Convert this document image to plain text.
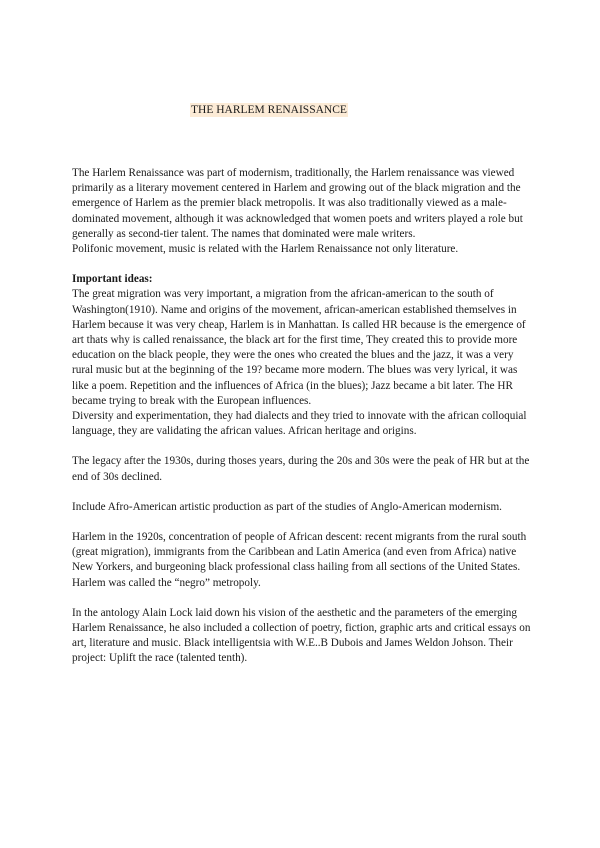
THE HARLEM RENAISSANCE

The Harlem Renaissance was part of modernism, traditionally, the Harlem renaissance was viewed primarily as a literary movement centered in Harlem and growing out of the black migration and the emergence of Harlem as the premier black metropolis. It was also traditionally viewed as a male-dominated movement, although it was acknowledged that women poets and writers played a role but generally as second-tier talent. The names that dominated were male writers.

Polifonic movement, music is related with the Harlem Renaissance not only literature.

Important ideas:

The great migration was very important, a migration from the african-american to the south of Washington(1910). Name and origins of the movement, african-american established themselves in Harlem because it was very cheap, Harlem is in Manhattan. Is called HR because is the emergence of art thats why is called renaissance, the black art for the first time, They created this to provide more education on the black people, they were the ones who created the blues and the jazz, it was a very rural music but at the beginning of the 19? became more modern. The blues was very lyrical, it was like a poem. Repetition and the influences of Africa (in the blues); Jazz became a bit later. The HR became trying to break with the European influences.

Diversity and experimentation, they had dialects and they tried to innovate with the african colloquial language, they are validating the african values. African heritage and origins.

The legacy after the 1930s, during thoses years, during the 20s and 30s were the peak of HR but at the end of 30s declined.

Include Afro-American artistic production as part of the studies of Anglo-American modernism.

Harlem in the 1920s, concentration of people of African descent: recent migrants from the rural south (great migration), immigrants from the Caribbean and Latin America (and even from Africa) native New Yorkers, and burgeoning black professional class hailing from all sections of the United States. Harlem was called the “negro” metropoly.

In the antology Alain Lock laid down his vision of the aesthetic and the parameters of the emerging Harlem Renaissance, he also included a collection of poetry, fiction, graphic arts and critical essays on art, literature and music. Black intelligentsia with W.E..B Dubois and James Weldon Johson. Their project: Uplift the race (talented tenth).
